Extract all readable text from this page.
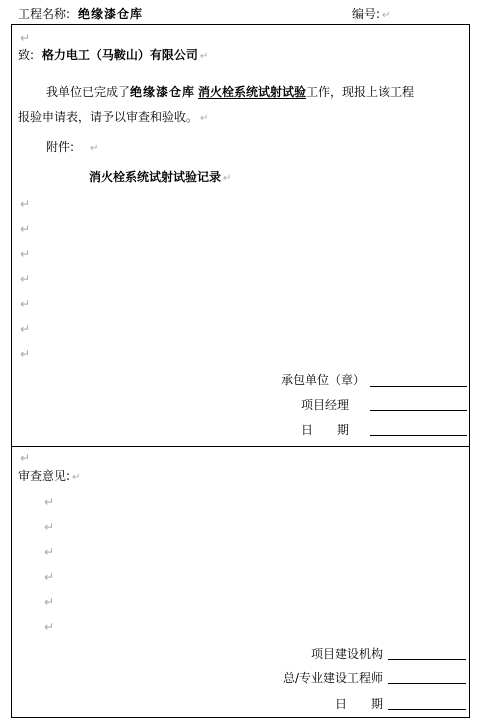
工程名称: 绝缘漆仓库	编号: ↵
↵
致: 格力电工（马鞍山）有限公司 ↵
我单位已完成了绝缘漆仓库 消火栓系统试射试验工作，现报上该工程
报验申请表，请予以审查和验收。 ↵
附件: ↵
消火栓系统试射试验记录 ↵
↵
↵
↵
↵
↵
↵
↵
承包单位（章）
项目经理
日　　期
↵
审查意见: ↵
↵
↵
↵
↵
↵
↵
项目建设机构
总/专业建设工程师
日　　期
